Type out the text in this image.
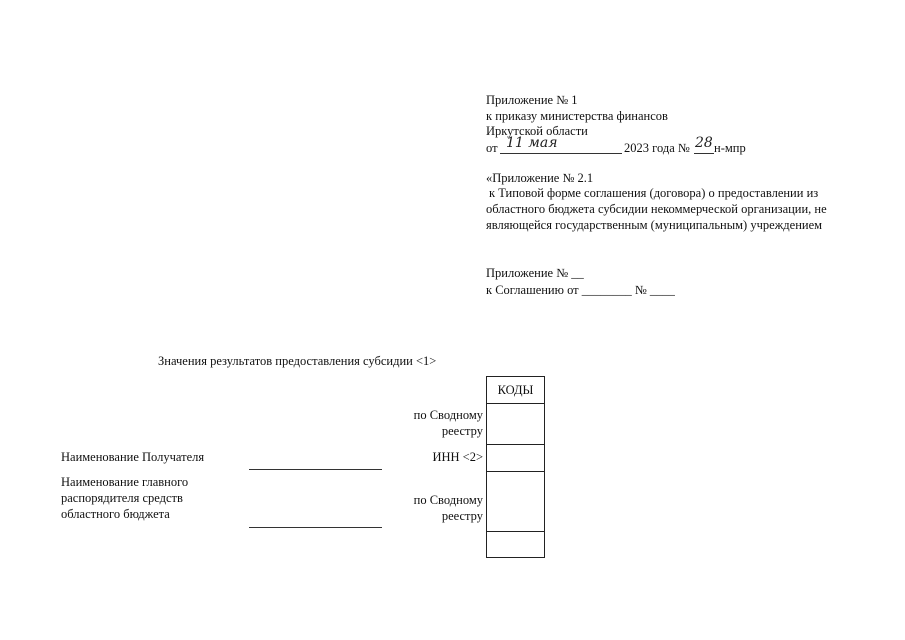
Приложение № 1
к приказу министерства финансов
Иркутской области
от 11 мая	2023 года № 28 н-мпр
«Приложение № 2.1
к Типовой форме соглашения (договора) о предоставлении из
областного бюджета субсидии некоммерческой организации, не
являющейся государственным (муниципальным) учреждением
Приложение № __
к Соглашению от ________ № ____
Значения результатов предоставления субсидии <1>
КОДЫ
по Сводному
реестру
ИНН <2>
по Сводному
реестру
Наименование Получателя
Наименование главного
распорядителя средств
областного бюджета
